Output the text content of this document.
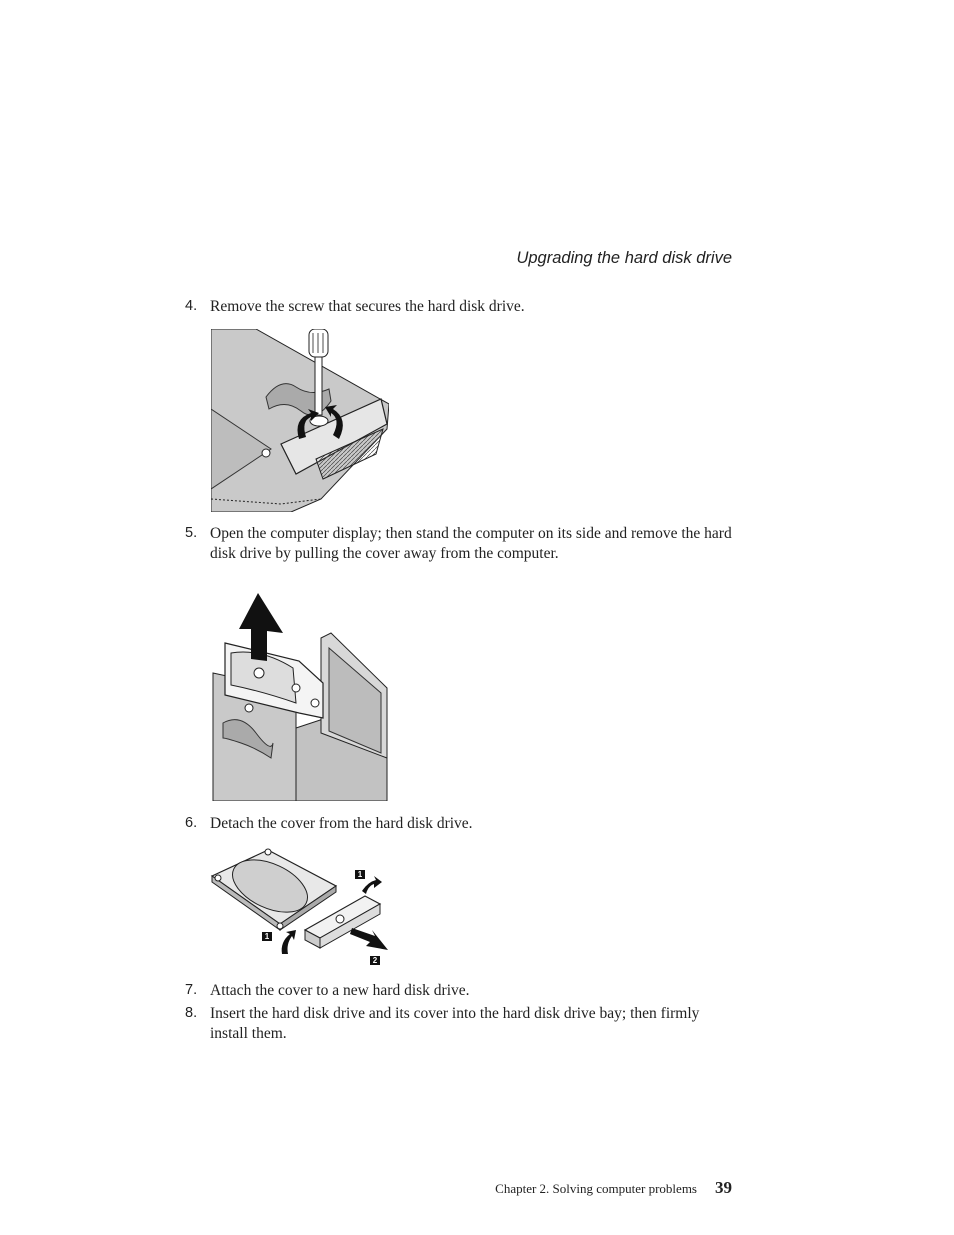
Upgrading the hard disk drive
4. Remove the screw that secures the hard disk drive.
5. Open the computer display; then stand the computer on its side and remove the hard disk drive by pulling the cover away from the computer.
6. Detach the cover from the hard disk drive.
1
1
2
7. Attach the cover to a new hard disk drive.
8. Insert the hard disk drive and its cover into the hard disk drive bay; then firmly install them.
Chapter 2. Solving computer problems 39
